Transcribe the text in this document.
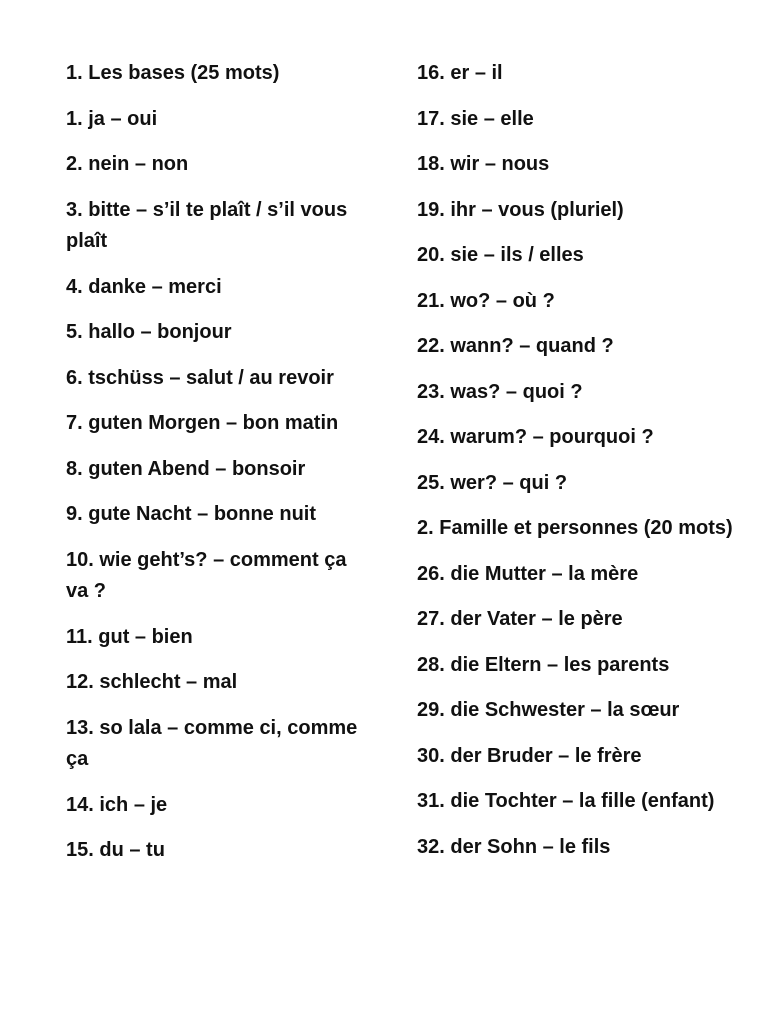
1. Les bases (25 mots)
1. ja – oui
2. nein – non
3. bitte – s’il te plaît / s’il vous plaît
4. danke – merci
5. hallo – bonjour
6. tschüss – salut / au revoir
7. guten Morgen – bon matin
8. guten Abend – bonsoir
9. gute Nacht – bonne nuit
10. wie geht’s? – comment ça va ?
11. gut – bien
12. schlecht – mal
13. so lala – comme ci, comme ça
14. ich – je
15. du – tu
16. er – il
17. sie – elle
18. wir – nous
19. ihr – vous (pluriel)
20. sie – ils / elles
21. wo? – où ?
22. wann? – quand ?
23. was? – quoi ?
24. warum? – pourquoi ?
25. wer? – qui ?
2. Famille et personnes (20 mots)
26. die Mutter – la mère
27. der Vater – le père
28. die Eltern – les parents
29. die Schwester – la sœur
30. der Bruder – le frère
31. die Tochter – la fille (enfant)
32. der Sohn – le fils
